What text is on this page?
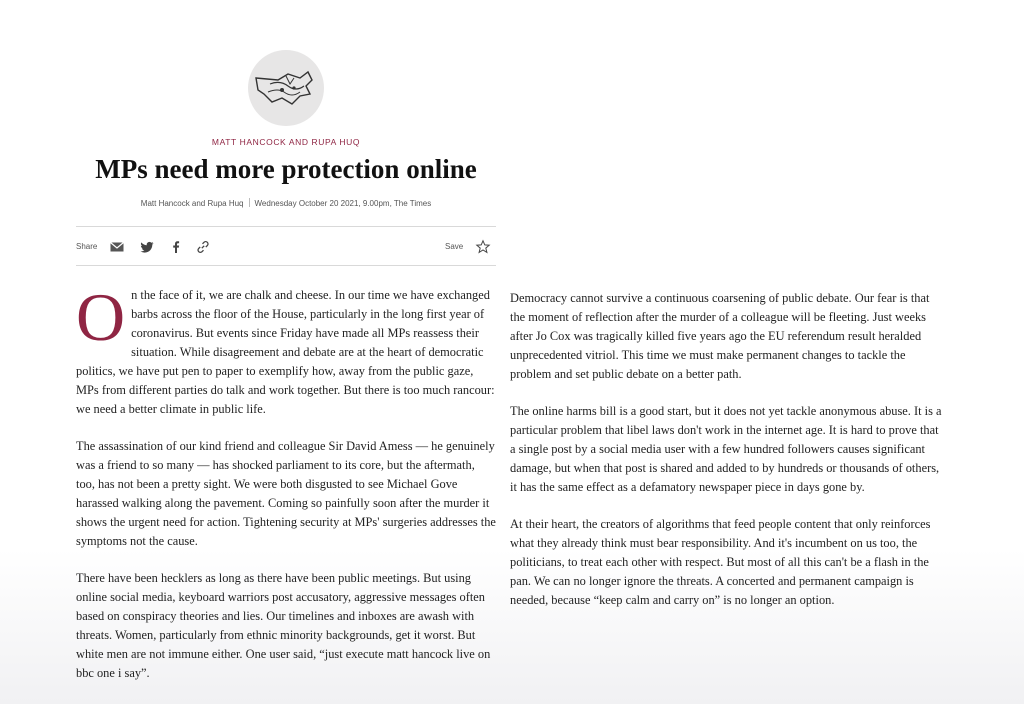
MATT HANCOCK AND RUPA HUQ
MPs need more protection online
Matt Hancock and Rupa Huq Wednesday October 20 2021, 9.00pm, The Times
Share	Save

On the face of it, we are chalk and cheese. In our time we have exchanged barbs across the floor of the House, particularly in the long first year of coronavirus. But events since Friday have made all MPs reassess their situation. While disagreement and debate are at the heart of democratic politics, we have put pen to paper to exemplify how, away from the public gaze, MPs from different parties do talk and work together. But there is too much rancour: we need a better climate in public life.

The assassination of our kind friend and colleague Sir David Amess — he genuinely was a friend to so many — has shocked parliament to its core, but the aftermath, too, has not been a pretty sight. We were both disgusted to see Michael Gove harassed walking along the pavement. Coming so painfully soon after the murder it shows the urgent need for action. Tightening security at MPs' surgeries addresses the symptoms not the cause.

There have been hecklers as long as there have been public meetings. But using online social media, keyboard warriors post accusatory, aggressive messages often based on conspiracy theories and lies. Our timelines and inboxes are awash with threats. Women, particularly from ethnic minority backgrounds, get it worst. But white men are not immune either. One user said, “just execute matt hancock live on bbc one i say”.

Democracy cannot survive a continuous coarsening of public debate. Our fear is that the moment of reflection after the murder of a colleague will be fleeting. Just weeks after Jo Cox was tragically killed five years ago the EU referendum result heralded unprecedented vitriol. This time we must make permanent changes to tackle the problem and set public debate on a better path.

The online harms bill is a good start, but it does not yet tackle anonymous abuse. It is a particular problem that libel laws don't work in the internet age. It is hard to prove that a single post by a social media user with a few hundred followers causes significant damage, but when that post is shared and added to by hundreds or thousands of others, it has the same effect as a defamatory newspaper piece in days gone by.

At their heart, the creators of algorithms that feed people content that only reinforces what they already think must bear responsibility. And it's incumbent on us too, the politicians, to treat each other with respect. But most of all this can't be a flash in the pan. We can no longer ignore the threats. A concerted and permanent campaign is needed, because “keep calm and carry on” is no longer an option.
